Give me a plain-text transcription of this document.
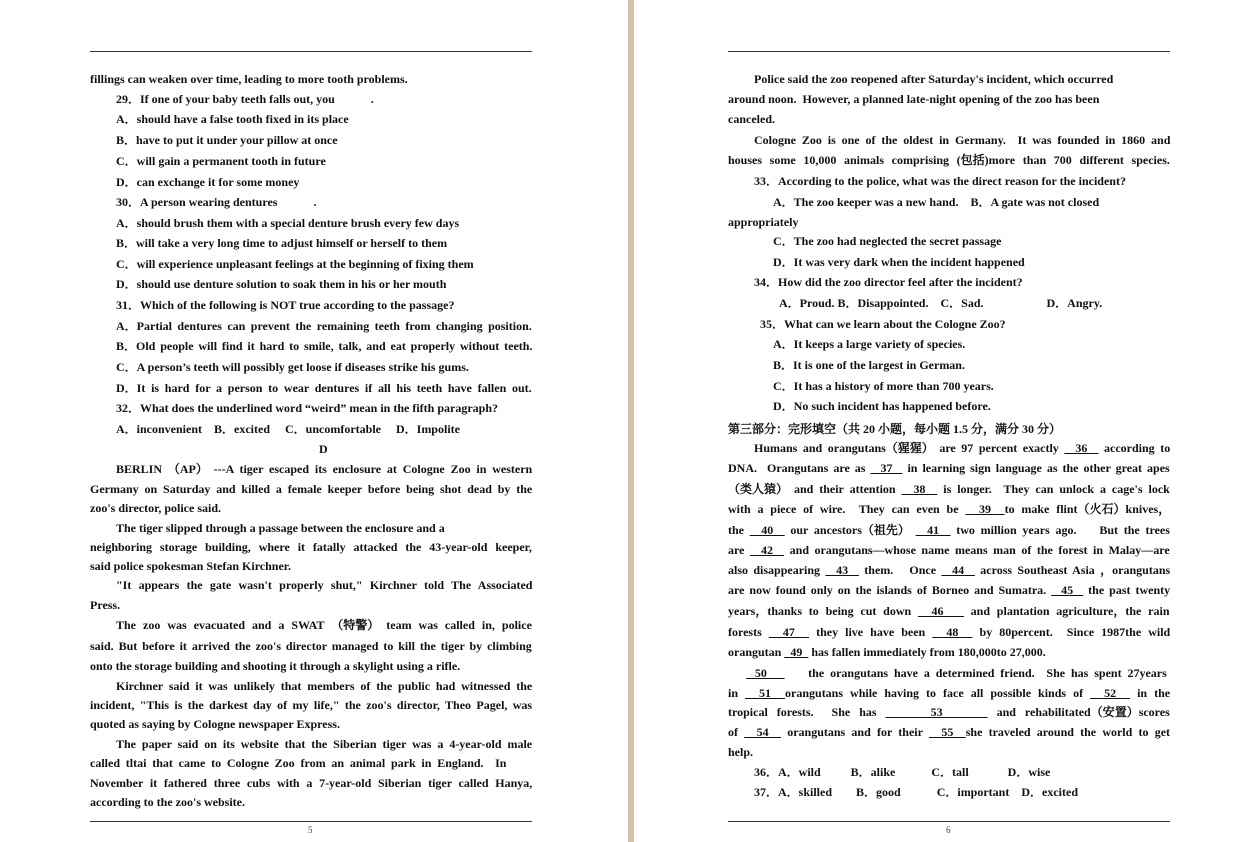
fillings can weaken over time, leading to more tooth problems.
29．If one of your baby teeth falls out, you            .
A．should have a false tooth fixed in its place
B．have to put it under your pillow at once
C．will gain a permanent tooth in future
D．can exchange it for some money
30．A person wearing dentures            .
A．should brush them with a special denture brush every few days
B．will take a very long time to adjust himself or herself to them
C．will experience unpleasant feelings at the beginning of fixing them
D．should use denture solution to soak them in his or her mouth
31．Which of the following is NOT true according to the passage?
A．Partial dentures can prevent the remaining teeth from changing position.
B．Old people will find it hard to smile, talk, and eat properly without teeth.
C．A person’s teeth will possibly get loose if diseases strike his gums.
D．It is hard for a person to wear dentures if all his teeth have fallen out.
32．What does the underlined word “weird” mean in the fifth paragraph?
A．inconvenient    B．excited     C．uncomfortable     D．Impolite
D
BERLIN （AP） ---A tiger escaped its enclosure at Cologne Zoo in western
Germany on Saturday and killed a female keeper before being shot dead by the
zoo's director, police said.
The tiger slipped through a passage between the enclosure and a
neighboring storage building, where it fatally attacked the 43-year-old keeper,
said police spokesman Stefan Kirchner.
"It appears the gate wasn't properly shut," Kirchner told The Associated
Press.
The zoo was evacuated and a SWAT （特警） team was called in, police
said. But before it arrived the zoo's director managed to kill the tiger by climbing
onto the storage building and shooting it through a skylight using a rifle.
Kirchner said it was unlikely that members of the public had witnessed the
incident, "This is the darkest day of my life," the zoo's director, Theo Pagel, was
quoted as saying by Cologne newspaper Express.
The paper said on its website that the Siberian tiger was a 4-year-old male
called tltai that came to Cologne Zoo from an animal park in England.  In
November it fathered three cubs with a 7-year-old Siberian tiger called Hanya,
according to the zoo's website.
5
Police said the zoo reopened after Saturday's incident, which occurred
around noon.  However, a planned late-night opening of the zoo has been
canceled.
Cologne Zoo is one of the oldest in Germany.  It was founded in 1860 and
houses some 10,000 animals comprising (包括)more than 700 different species.
33．According to the police, what was the direct reason for the incident?
A．The zoo keeper was a new hand.    B．A gate was not closed
appropriately
C．The zoo had neglected the secret passage
D．It was very dark when the incident happened
34．How did the zoo director feel after the incident?
A．Proud. B．Disappointed.    C．Sad.                     D．Angry.
35．What can we learn about the Cologne Zoo?
A．It keeps a large variety of species.
B．It is one of the largest in German.
C．It has a history of more than 700 years.
D．No such incident has happened before.
第三部分：完形填空（共 20 小题，每小题 1.5 分，满分 30 分）
Humans and orangutans（猩猩） are 97 percent exactly   36   according to
DNA.  Orangutans are as   37   in learning sign language as the other great apes
（类人猿） and their attention   38   is longer.  They can unlock a cage's lock
with a piece of wire.  They can even be   39  to make flint（火石）knives，
the   40   our ancestors（祖先）   41   two million years ago.    But the trees
are   42   and orangutans—whose name means man of the forest in Malay—are
also disappearing   43   them.   Once   44   across Southeast Asia ，orangutans
are now found only on the islands of Borneo and Sumatra.   45   the past twenty
years，thanks to being cut down   46    and plantation agriculture，the rain
forests   47   they live have been   48   by 80percent.  Since 1987the wild
orangutan   49   has fallen immediately from 180,000to 27,000.
50       the orangutans have a determined friend.  She has spent 27years
in   51  orangutans while having to face all possible kinds of   52   in the
tropical forests.  She has      53      and rehabilitated（安置）scores
of   54   orangutans and for their   55  she traveled around the world to get
help.
36．A．wild          B．alike            C．tall             D．wise
37．A．skilled        B．good            C．important    D．excited
6
